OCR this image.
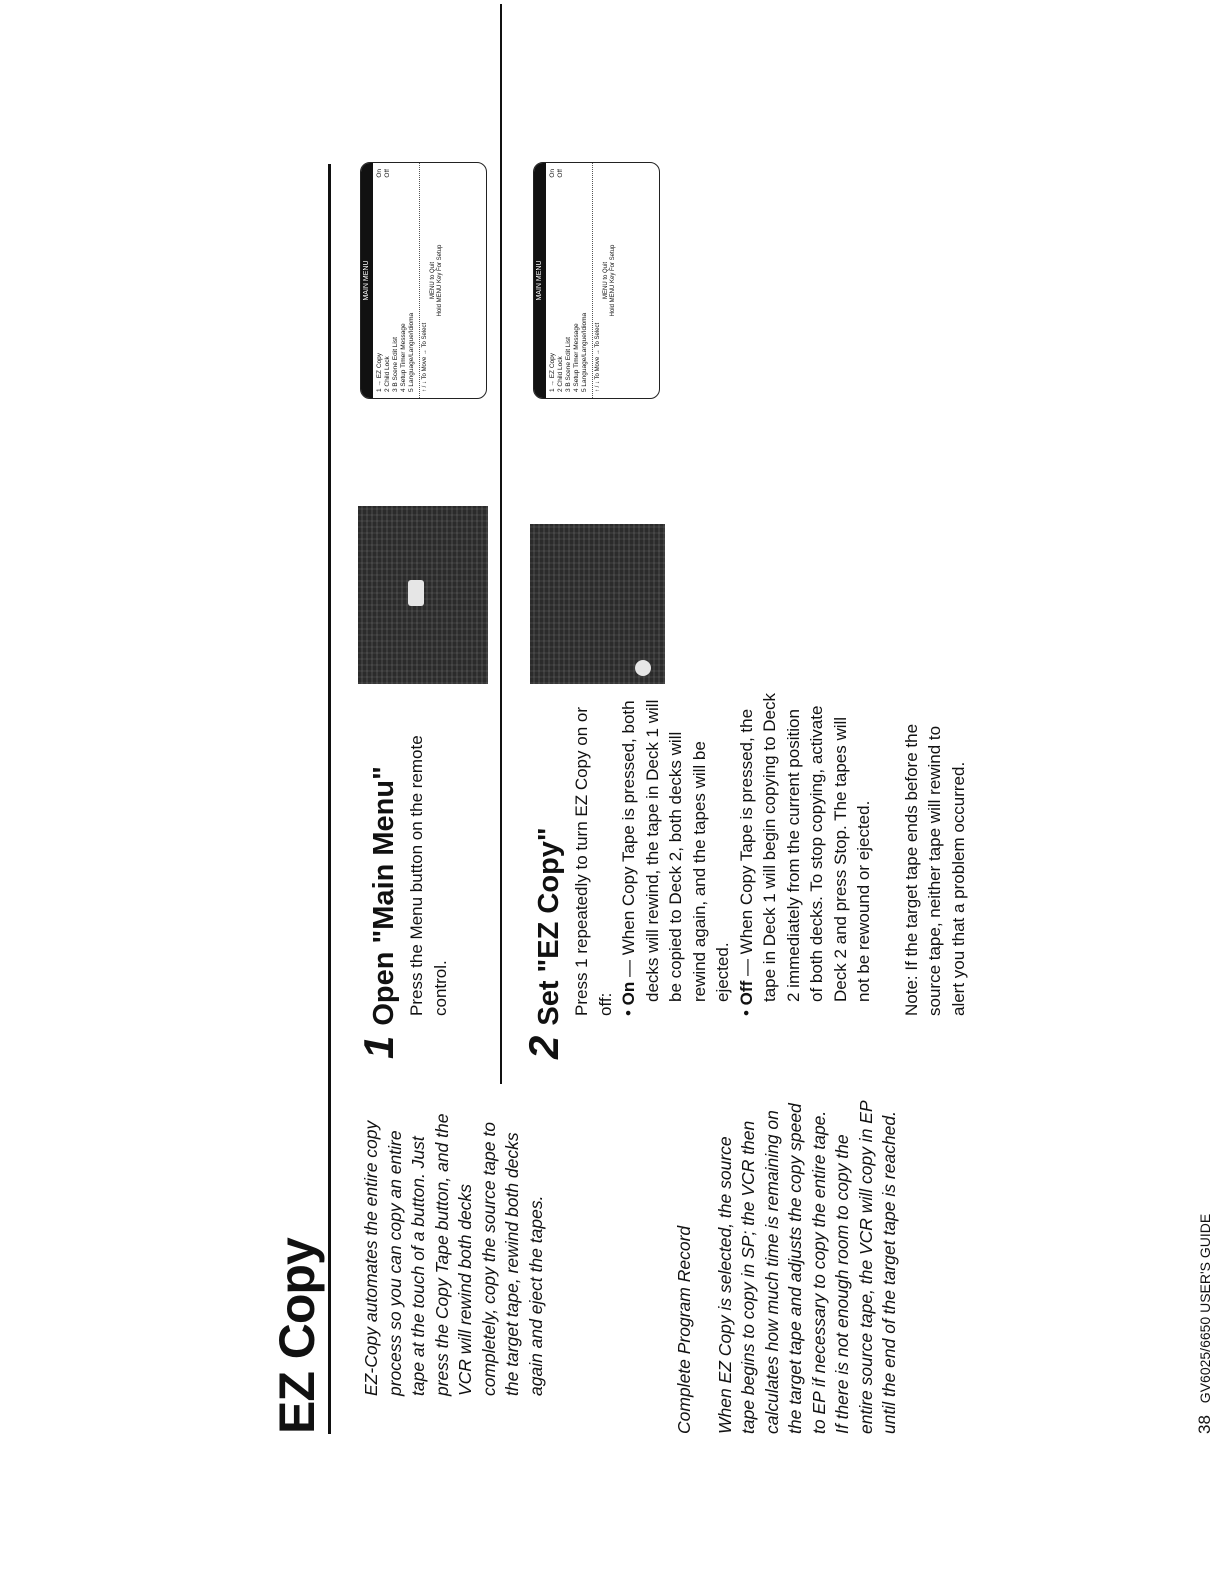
EZ Copy EZ-Copy automates the entire copy process so you can copy an entire tape at the touch of a button. Just press the Copy Tape button, and the VCR will rewind both decks completely, copy the source tape to the target tape, rewind both decks again and eject the tapes.	Complete Program Record When EZ Copy is selected, the source tape begins to copy in SP; the VCR then calculates how much time is remaining on the target tape and adjusts the copy speed to EP if necessary to copy the entire tape. If there is not enough room to copy the entire source tape, the VCR will copy in EP until the end of the target tape is reached.

1
Open "Main Menu" Press the Menu button on the remote control.

MAIN MENU
1 → EZ Copy
On
2 Child Lock
Off
3 B Scene Edit List 4 Setup Timer Message 5 Language/Langue/Idioma ↑ / ↓ To Move → To Select
MENU to Quit Hold MENU Key For Setup
2
Set "EZ Copy" Press 1 repeatedly to turn EZ Copy on or off: • On — When Copy Tape is pressed, both decks will rewind, the tape in Deck 1 will be copied to Deck 2, both decks will rewind again, and the tapes will be ejected.

• Off — When Copy Tape is pressed, the tape in Deck 1 will begin copying to Deck 2 immediately from the current position of both decks. To stop copying, activate Deck 2 and press Stop. The tapes will not be rewound or ejected. Note: If the target tape ends before the source tape, neither tape will rewind to alert you that a problem occurred.

MAIN MENU
1 → EZ Copy
On
2 Child Lock
Off
3 B Scene Edit List 4 Setup Timer Message 5 Language/Langue/Idioma ↑ / ↓ To Move → To Select
MENU to Quit Hold MENU Key For Setup
38 GV6025/6650 USER'S GUIDE
